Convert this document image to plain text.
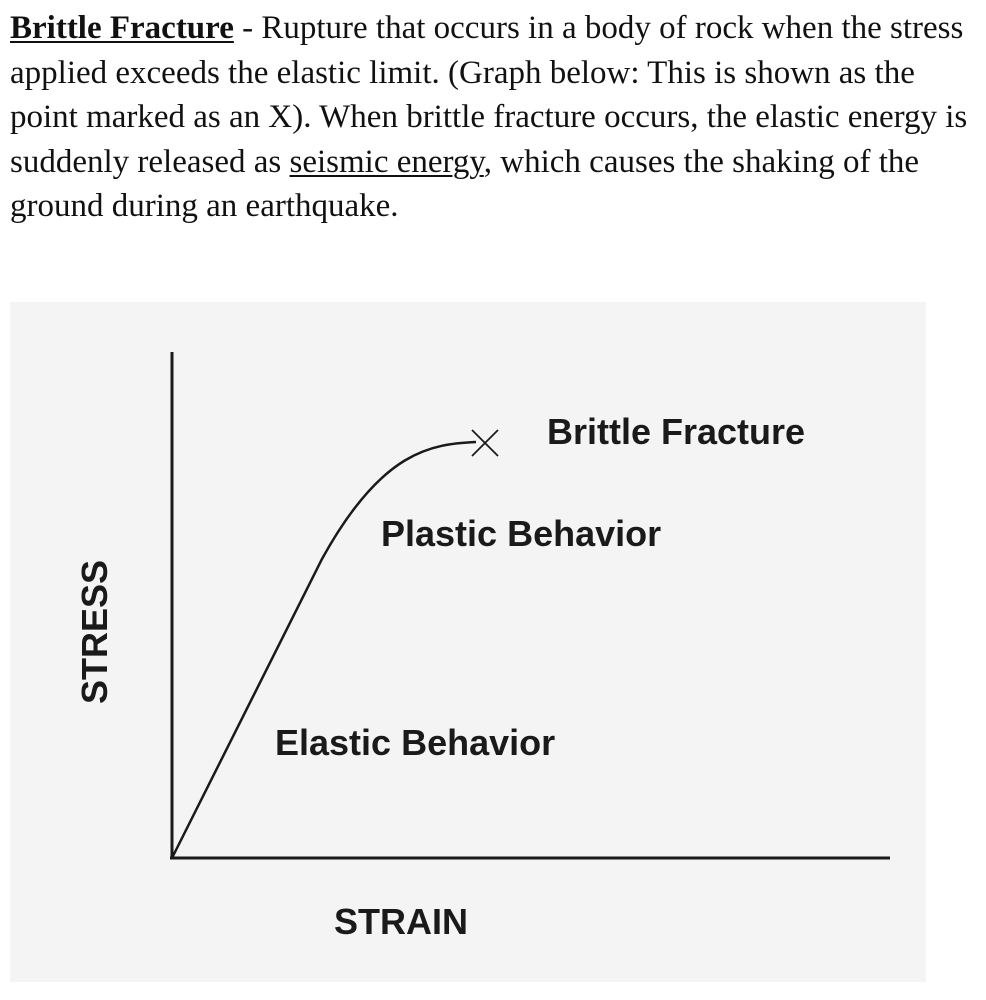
Brittle Fracture - Rupture that occurs in a body of rock when the stress applied exceeds the elastic limit. (Graph below: This is shown as the point marked as an X). When brittle fracture occurs, the elastic energy is suddenly released as seismic energy, which causes the shaking of the ground during an earthquake.

Brittle Fracture
Plastic Behavior
Elastic Behavior
STRAIN
STRESS
